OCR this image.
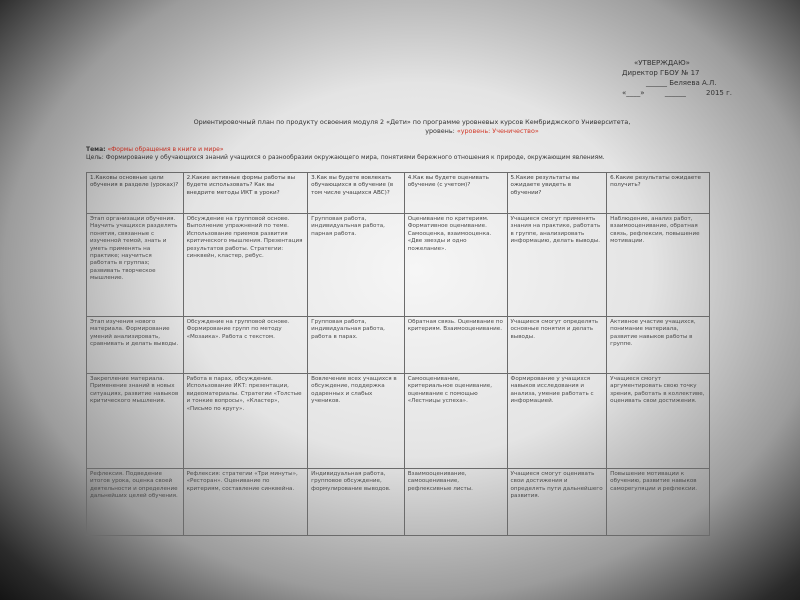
«УТВЕРЖДАЮ»
Директор ГБОУ № 17
______ Беляева А.Л.
«____»	______	2015 г.
Ориентировочный план по продукту освоения модуля 2 «Дети» по программе уровневых курсов Кембриджского Университета,
уровень: «уровень: Ученичество»
Тема: «Формы обращения в книге и мире»
Цель: Формирование у обучающихся знаний учащихся о разнообразии окружающего мира, понятиями бережного отношения к природе, окружающим явлениям.
1.Каковы основные цели обучения в разделе (уроках)?	2.Какие активные формы работы вы будете использовать? Как вы внедрите методы ИКТ в уроки?	3.Как вы будете вовлекать обучающихся в обучение (в том числе учащихся ABC)?	4.Как вы будете оценивать обучение (с учетом)?	5.Какие результаты вы ожидаете увидеть в обучении?	6.Какие результаты ожидаете получить?
Этап организации обучения. Научить учащихся разделять понятия, связанные с изученной темой, знать и уметь применять на практике; научиться работать в группах; развивать творческое мышление.	Обсуждение на групповой основе. Выполнение упражнений по теме. Использование приемов развития критического мышления. Презентация результатов работы. Стратегии: синквейн, кластер, ребус.	Групповая работа, индивидуальная работа, парная работа.	Оценивание по критериям. Формативное оценивание. Самооценка, взаимооценка. «Две звезды и одно пожелание».	Учащиеся смогут применять знания на практике, работать в группе, анализировать информацию, делать выводы.	Наблюдение, анализ работ, взаимооценивание, обратная связь, рефлексия, повышение мотивации.
Этап изучения нового материала. Формирование умений анализировать, сравнивать и делать выводы.	Обсуждение на групповой основе. Формирование групп по методу «Мозаика». Работа с текстом.	Групповая работа, индивидуальная работа, работа в парах.	Обратная связь. Оценивание по критериям. Взаимооценивание.	Учащиеся смогут определять основные понятия и делать выводы.	Активное участие учащихся, понимание материала, развитие навыков работы в группе.
Закрепление материала. Применение знаний в новых ситуациях, развитие навыков критического мышления.	Работа в парах, обсуждение. Использование ИКТ: презентации, видеоматериалы. Стратегии «Толстые и тонкие вопросы», «Кластер», «Письмо по кругу».	Вовлечение всех учащихся в обсуждение, поддержка одаренных и слабых учеников.	Самооценивание, критериальное оценивание, оценивание с помощью «Лестницы успеха».	Формирование у учащихся навыков исследования и анализа, умение работать с информацией.	Учащиеся смогут аргументировать свою точку зрения, работать в коллективе, оценивать свои достижения.
Рефлексия. Подведение итогов урока, оценка своей деятельности и определение дальнейших целей обучения.	Рефлексия: стратегии «Три минуты», «Ресторан». Оценивание по критериям, составление синквейна.	Индивидуальная работа, групповое обсуждение, формулирование выводов.	Взаимооценивание, самооценивание, рефлексивные листы.	Учащиеся смогут оценивать свои достижения и определять пути дальнейшего развития.	Повышение мотивации к обучению, развитие навыков саморегуляции и рефлексии.
